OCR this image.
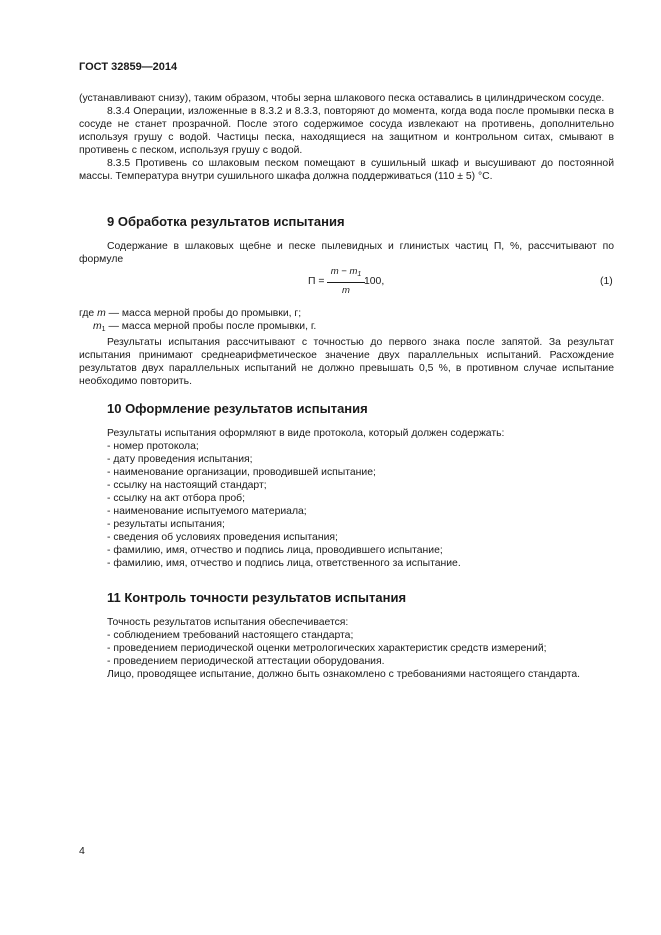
ГОСТ 32859—2014

(устанавливают снизу), таким образом, чтобы зерна шлакового песка оставались в цилиндрическом сосуде.

8.3.4 Операции, изложенные в 8.3.2 и 8.3.3, повторяют до момента, когда вода после промывки песка в сосуде не станет прозрачной. После этого содержимое сосуда извлекают на противень, дополнительно используя грушу с водой. Частицы песка, находящиеся на защитном и контрольном ситах, смывают в противень с песком, используя грушу с водой.

8.3.5 Противень со шлаковым песком помещают в сушильный шкаф и высушивают до постоянной массы. Температура внутри сушильного шкафа должна поддерживаться (110 ± 5) °С.

9 Обработка результатов испытания

Содержание в шлаковых щебне и песке пылевидных и глинистых частиц П, %, рассчитывают по формуле

$П = \frac{m - m_1}{m} 100$,	(1)

где m — масса мерной пробы до промывки, г;

$m_1$ — масса мерной пробы после промывки, г.

Результаты испытания рассчитывают с точностью до первого знака после запятой. За результат испытания принимают среднеарифметическое значение двух параллельных испытаний. Расхождение результатов двух параллельных испытаний не должно превышать 0,5 %, в противном случае испытание необходимо повторить.

10 Оформление результатов испытания

Результаты испытания оформляют в виде протокола, который должен содержать:

- номер протокола;

- дату проведения испытания;

- наименование организации, проводившей испытание;

- ссылку на настоящий стандарт;

- ссылку на акт отбора проб;

- наименование испытуемого материала;

- результаты испытания;

- сведения об условиях проведения испытания;

- фамилию, имя, отчество и подпись лица, проводившего испытание;

- фамилию, имя, отчество и подпись лица, ответственного за испытание.

11 Контроль точности результатов испытания

Точность результатов испытания обеспечивается:

- соблюдением требований настоящего стандарта;

- проведением периодической оценки метрологических характеристик средств измерений;

- проведением периодической аттестации оборудования.

Лицо, проводящее испытание, должно быть ознакомлено с требованиями настоящего стандарта.

4
